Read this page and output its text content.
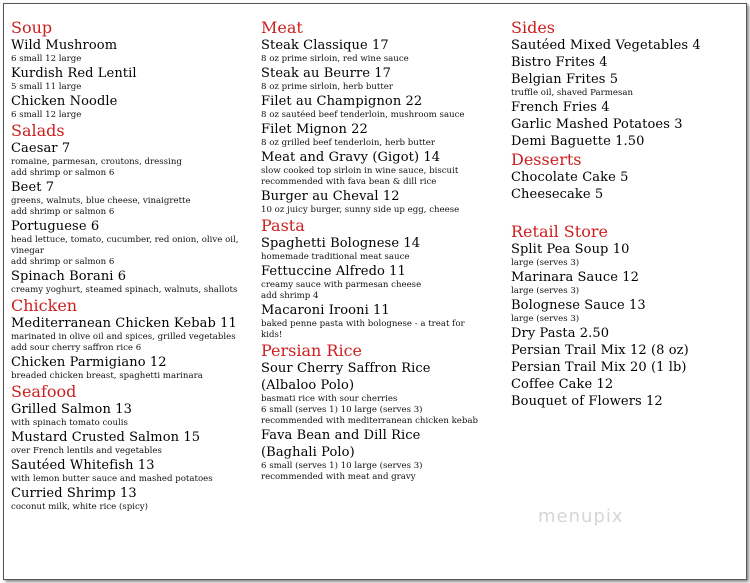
Soup
Wild Mushroom
6 small 12 large
Kurdish Red Lentil
5 small 11 large
Chicken Noodle
6 small 12 large
Salads
Caesar 7
romaine, parmesan, croutons, dressing
add shrimp or salmon 6
Beet 7
greens, walnuts, blue cheese, vinaigrette
add shrimp or salmon 6
Portuguese 6
head lettuce, tomato, cucumber, red onion, olive oil,
vinegar
add shrimp or salmon 6
Spinach Borani 6
creamy yoghurt, steamed spinach, walnuts, shallots
Chicken
Mediterranean Chicken Kebab 11
marinated in olive oil and spices, grilled vegetables
add sour cherry saffron rice 6
Chicken Parmigiano 12
breaded chicken breast, spaghetti marinara
Seafood
Grilled Salmon 13
with spinach tomato coulis
Mustard Crusted Salmon 15
over French lentils and vegetables
Sautéed Whitefish 13
with lemon butter sauce and mashed potatoes
Curried Shrimp 13
coconut milk, white rice (spicy)
Meat
Steak Classique 17
8 oz prime sirloin, red wine sauce
Steak au Beurre 17
8 oz prime sirloin, herb butter
Filet au Champignon 22
8 oz sautéed beef tenderloin, mushroom sauce
Filet Mignon 22
8 oz grilled beef tenderloin, herb butter
Meat and Gravy (Gigot) 14
slow cooked top sirloin in wine sauce, biscuit
recommended with fava bean & dill rice
Burger au Cheval 12
10 oz juicy burger, sunny side up egg, cheese
Pasta
Spaghetti Bolognese 14
homemade traditional meat sauce
Fettuccine Alfredo 11
creamy sauce with parmesan cheese
add shrimp 4
Macaroni Irooni 11
baked penne pasta with bolognese - a treat for
kids!
Persian Rice
Sour Cherry Saffron Rice
(Albaloo Polo)
basmati rice with sour cherries
6 small (serves 1) 10 large (serves 3)
recommended with mediterranean chicken kebab
Fava Bean and Dill Rice
(Baghali Polo)
6 small (serves 1) 10 large (serves 3)
recommended with meat and gravy
Sides
Sautéed Mixed Vegetables 4
Bistro Frites 4
Belgian Frites 5
truffle oil, shaved Parmesan
French Fries 4
Garlic Mashed Potatoes 3
Demi Baguette 1.50
Desserts
Chocolate Cake 5
Cheesecake 5
Retail Store
Split Pea Soup 10
large (serves 3)
Marinara Sauce 12
large (serves 3)
Bolognese Sauce 13
large (serves 3)
Dry Pasta 2.50
Persian Trail Mix 12 (8 oz)
Persian Trail Mix 20 (1 lb)
Coffee Cake 12
Bouquet of Flowers 12
menupix
